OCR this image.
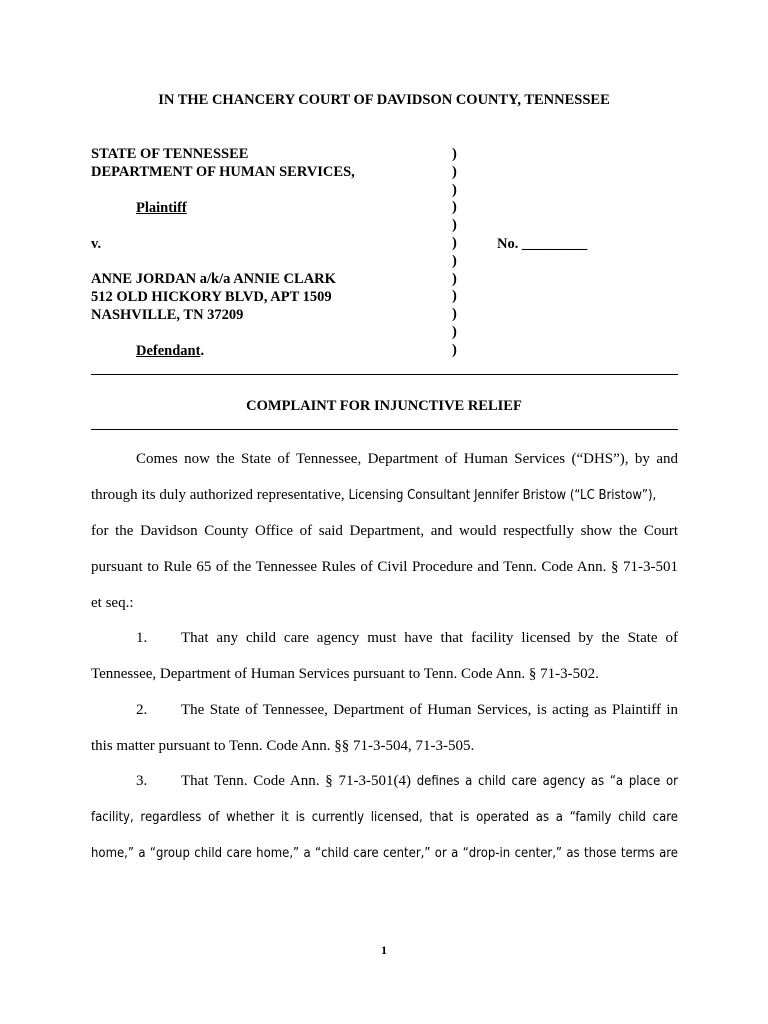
IN THE CHANCERY COURT OF DAVIDSON COUNTY, TENNESSEE
STATE OF TENNESSEE
DEPARTMENT OF HUMAN SERVICES,
Plaintiff
v.
ANNE JORDAN a/k/a ANNIE CLARK
512 OLD HICKORY BLVD, APT 1509
NASHVILLE, TN 37209
Defendant.
)
)
)
)
)
)
)
)
)
)
)
)
No. _________
COMPLAINT FOR INJUNCTIVE RELIEF
Comes now the State of Tennessee, Department of Human Services (“DHS”), by and
through its duly authorized representative, Licensing Consultant Jennifer Bristow (“LC Bristow”),
for the Davidson County Office of said Department, and would respectfully show the Court
pursuant to Rule 65 of the Tennessee Rules of Civil Procedure and Tenn. Code Ann. § 71-3-501
et seq.:
1. That any child care agency must have that facility licensed by the State of
Tennessee, Department of Human Services pursuant to Tenn. Code Ann. § 71-3-502.
2. The State of Tennessee, Department of Human Services, is acting as Plaintiff in
this matter pursuant to Tenn. Code Ann. §§ 71-3-504, 71-3-505.
3. That Tenn. Code Ann. § 71-3-501(4) defines a child care agency as “a place or
facility, regardless of whether it is currently licensed, that is operated as a “family child care
home,” a “group child care home,” a “child care center,” or a “drop-in center,” as those terms are
1
